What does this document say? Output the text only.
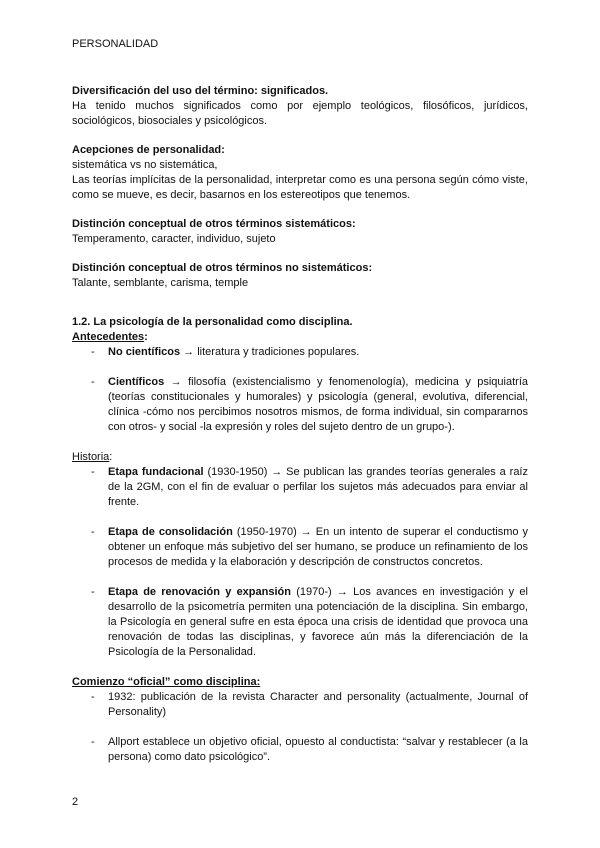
PERSONALIDAD
Diversificación del uso del término: significados.
Ha tenido muchos significados como por ejemplo teológicos, filosóficos, jurídicos, sociológicos, biosociales y psicológicos.
Acepciones de personalidad:
sistemática vs no sistemática,
Las teorías implícitas de la personalidad, interpretar como es una persona según cómo viste, como se mueve, es decir, basarnos en los estereotipos que tenemos.
Distinción conceptual de otros términos sistemáticos:
Temperamento, caracter, individuo, sujeto
Distinción conceptual de otros términos no sistemáticos:
Talante, semblante, carisma, temple
1.2. La psicología de la personalidad como disciplina.
Antecedentes:
- No científicos → literatura y tradiciones populares.
- Científicos → filosofía (existencialismo y fenomenología), medicina y psiquiatría (teorías constitucionales y humorales) y psicología (general, evolutiva, diferencial, clínica -cómo nos percibimos nosotros mismos, de forma individual, sin compararnos con otros- y social -la expresión y roles del sujeto dentro de un grupo-).
Historia:
- Etapa fundacional (1930-1950) → Se publican las grandes teorías generales a raíz de la 2GM, con el fin de evaluar o perfilar los sujetos más adecuados para enviar al frente.
- Etapa de consolidación (1950-1970) → En un intento de superar el conductismo y obtener un enfoque más subjetivo del ser humano, se produce un refinamiento de los procesos de medida y la elaboración y descripción de constructos concretos.
- Etapa de renovación y expansión (1970-) → Los avances en investigación y el desarrollo de la psicometría permiten una potenciación de la disciplina. Sin embargo, la Psicología en general sufre en esta época una crisis de identidad que provoca una renovación de todas las disciplinas, y favorece aún más la diferenciación de la Psicología de la Personalidad.
Comienzo “oficial” como disciplina:
- 1932: publicación de la revista Character and personality (actualmente, Journal of Personality)
- Allport establece un objetivo oficial, opuesto al conductista: “salvar y restablecer (a la persona) como dato psicológico”.
2
